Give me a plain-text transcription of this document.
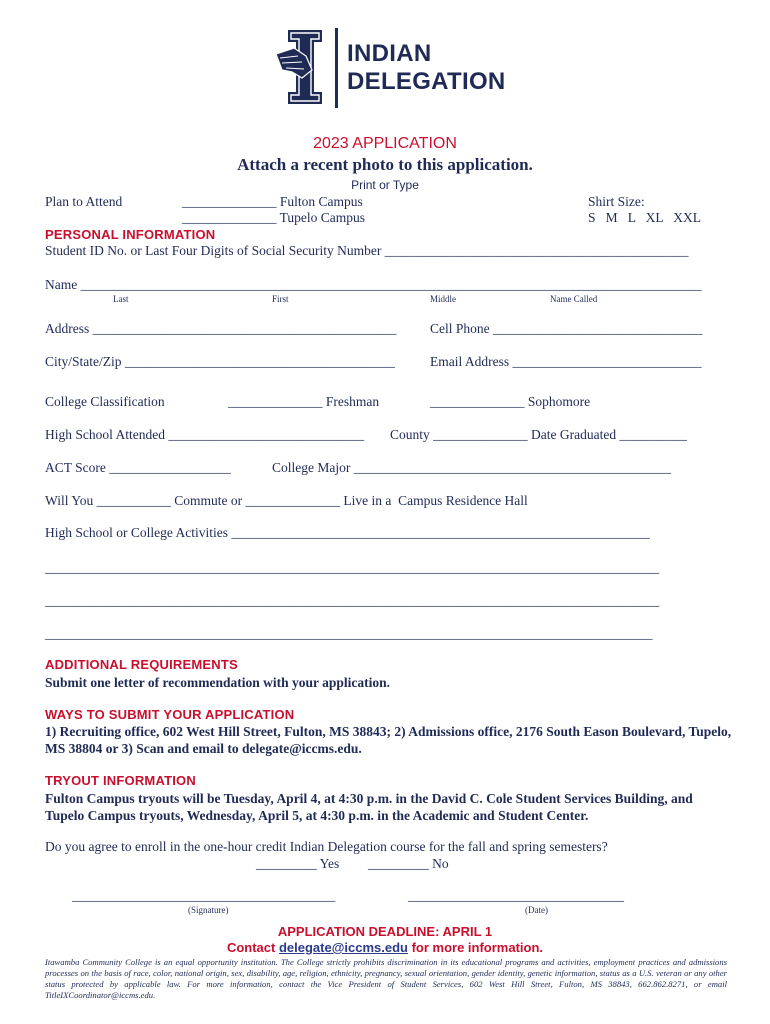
INDIAN
DELEGATION
2023 APPLICATION
Attach a recent photo to this application.
Print or Type
Plan to Attend	______________ Fulton Campus
______________ Tupelo Campus
Shirt Size:
S   M   L   XL   XXL
PERSONAL INFORMATION
Student ID No. or Last Four Digits of Social Security Number _____________________________________________
Name ____________________________________________________________________________________________
Last	First	Middle	Name Called
Address _____________________________________________ Cell Phone _______________________________
City/State/Zip ________________________________________	Email Address ____________________________
College Classification	______________ Freshman	______________ Sophomore
High School Attended _____________________________ County ______________ Date Graduated __________
ACT Score __________________	College Major _______________________________________________
Will You ___________ Commute or ______________ Live in a  Campus Residence Hall
High School or College Activities ______________________________________________________________
___________________________________________________________________________________________
___________________________________________________________________________________________
__________________________________________________________________________________________
ADDITIONAL REQUIREMENTS
Submit one letter of recommendation with your application.
WAYS TO SUBMIT YOUR APPLICATION
1) Recruiting office, 602 West Hill Street, Fulton, MS 38843; 2) Admissions office, 2176 South Eason Boulevard, Tupelo, MS 38804 or 3) Scan and email to delegate@iccms.edu.
TRYOUT INFORMATION
Fulton Campus tryouts will be Tuesday, April 4, at 4:30 p.m. in the David C. Cole Student Services Building, and Tupelo Campus tryouts, Wednesday, April 5, at 4:30 p.m. in the Academic and Student Center.
Do you agree to enroll in the one-hour credit Indian Delegation course for the fall and spring semesters?
_________ Yes _________ No
_______________________________________
(Signature)
________________________________
(Date)
APPLICATION DEADLINE: APRIL 1
Contact delegate@iccms.edu for more information.
Itawamba Community College is an equal opportunity institution. The College strictly prohibits discrimination in its educational programs and activities, employment practices and admissions processes on the basis of race, color, national origin, sex, disability, age, religion, ethnicity, pregnancy, sexual orientation, gender identity, genetic information, status as a U.S. veteran or any other status protected by applicable law. For more information, contact the Vice President of Student Services, 602 West Hill Street, Fulton, MS 38843, 662.862.8271, or email TitleIXCoordinator@iccms.edu.
